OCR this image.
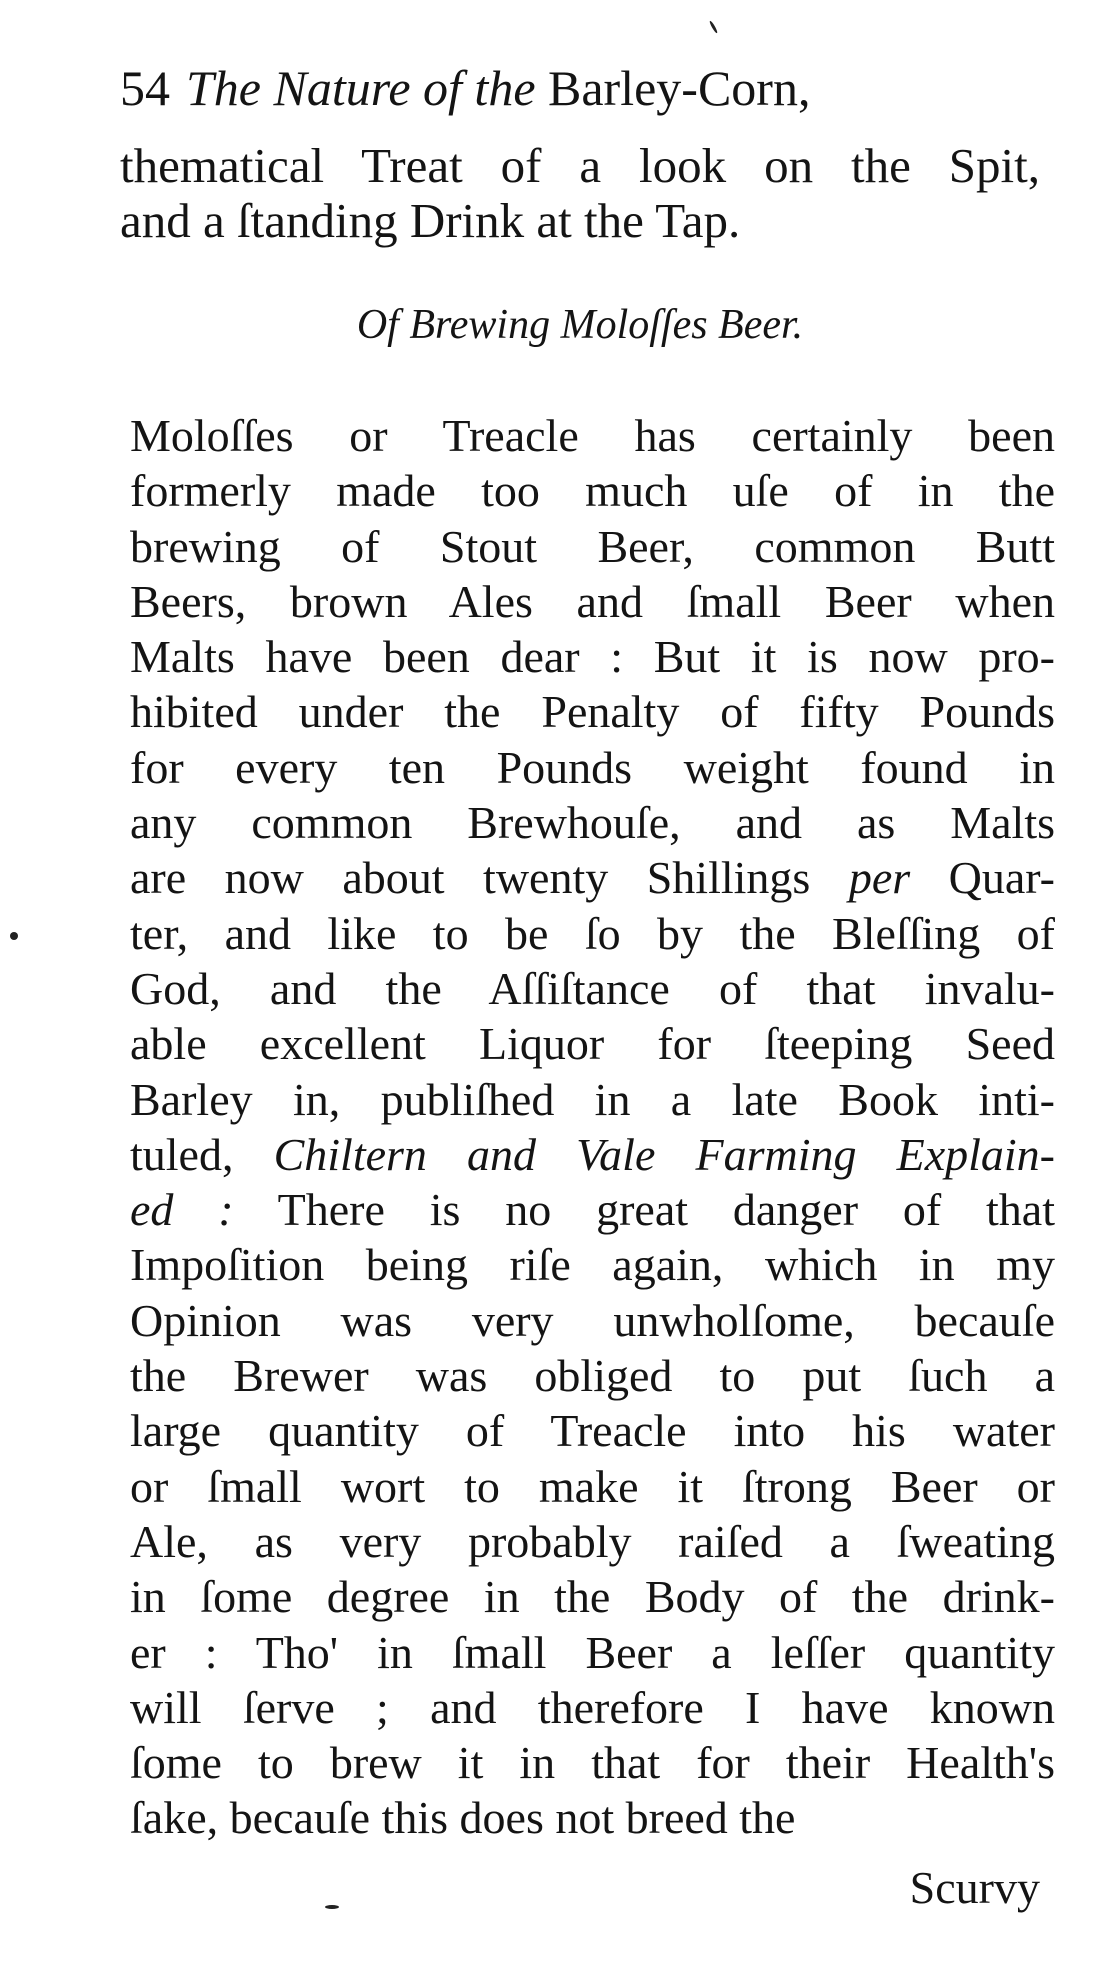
54 The Nature of the Barley-Corn,
thematical Treat of a look on the Spit,
and a ſtanding Drink at the Tap.
Of Brewing Moloſſes Beer.
Moloſſes or Treacle has certainly been
formerly made too much uſe of in the
brewing of Stout Beer, common Butt
Beers, brown Ales and ſmall Beer when
Malts have been dear : But it is now pro-
hibited under the Penalty of fifty Pounds
for every ten Pounds weight found in
any common Brewhouſe, and as Malts
are now about twenty Shillings per Quar-
ter, and like to be ſo by the Bleſſing of
God, and the Aſſiſtance of that invalu-
able excellent Liquor for ſteeping Seed
Barley in, publiſhed in a late Book inti-
tuled, Chiltern and Vale Farming Explain-
ed : There is no great danger of that
Impoſition being riſe again, which in my
Opinion was very unwholſome, becauſe
the Brewer was obliged to put ſuch a
large quantity of Treacle into his water
or ſmall wort to make it ſtrong Beer or
Ale, as very probably raiſed a ſweating
in ſome degree in the Body of the drink-
er : Tho' in ſmall Beer a leſſer quantity
will ſerve ; and therefore I have known
ſome to brew it in that for their Health's
ſake, becauſe this does not breed the
Scurvy
